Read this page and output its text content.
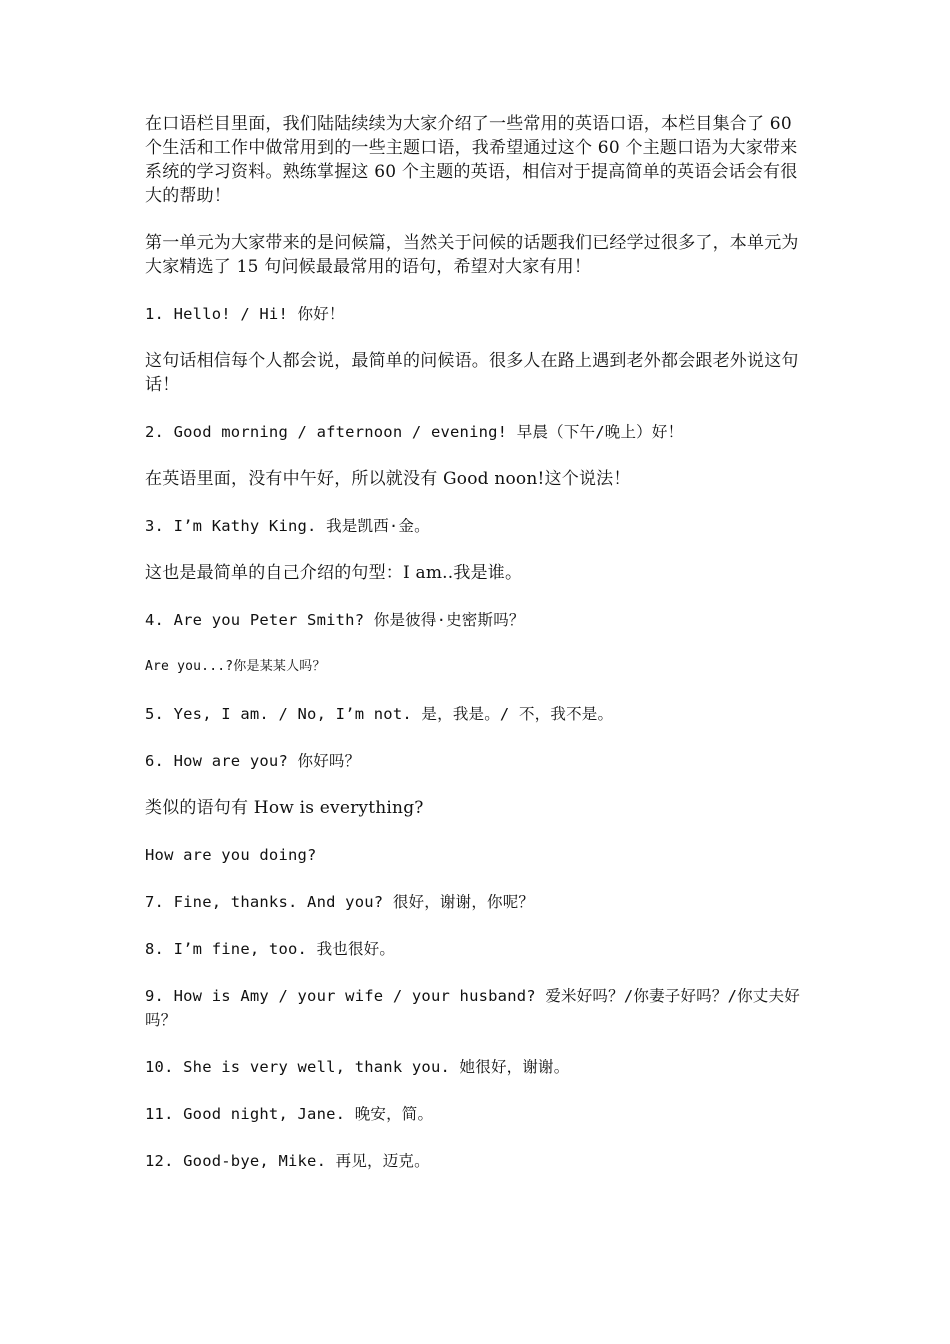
在口语栏目里面，我们陆陆续续为大家介绍了一些常用的英语口语，本栏目集合了 60 个生活和工作中做常用到的一些主题口语，我希望通过这个 60 个主题口语为大家带来系统的学习资料。熟练掌握这 60 个主题的英语，相信对于提高简单的英语会话会有很大的帮助！

第一单元为大家带来的是问候篇，当然关于问候的话题我们已经学过很多了，本单元为大家精选了 15 句问候最最常用的语句，希望对大家有用！

1. Hello! / Hi! 你好！

这句话相信每个人都会说，最简单的问候语。很多人在路上遇到老外都会跟老外说这句话！

2. Good morning / afternoon / evening! 早晨（下午/晚上）好！

在英语里面，没有中午好，所以就没有 Good noon!这个说法！

3. I’m Kathy King. 我是凯西·金。

这也是最简单的自己介绍的句型：I am..我是谁。

4. Are you Peter Smith? 你是彼得·史密斯吗？

Are you...?你是某某人吗？

5. Yes, I am. / No, I’m not. 是，我是。/ 不，我不是。

6. How are you? 你好吗？

类似的语句有 How is everything?

How are you doing?

7. Fine, thanks. And you? 很好，谢谢，你呢？

8. I’m fine, too. 我也很好。

9. How is Amy / your wife / your husband? 爱米好吗？/你妻子好吗？/你丈夫好吗？

10. She is very well, thank you. 她很好，谢谢。

11. Good night, Jane. 晚安，简。

12. Good-bye, Mike. 再见，迈克。
